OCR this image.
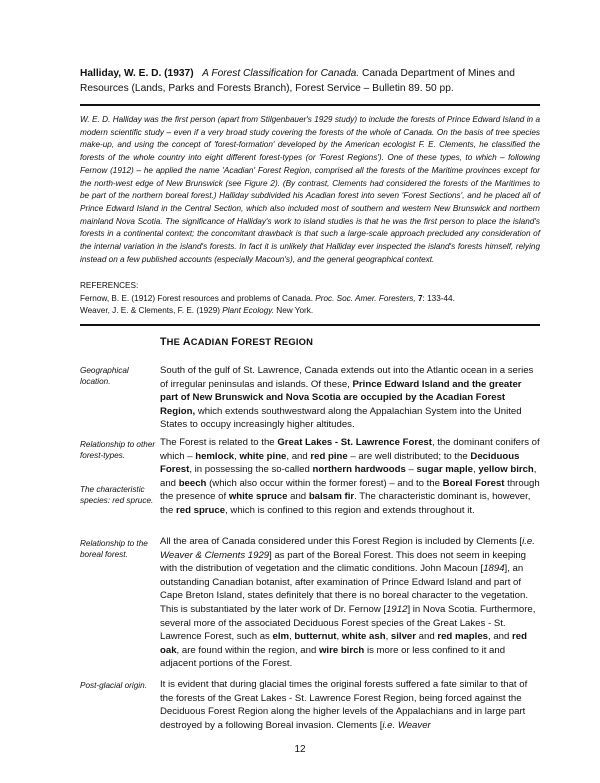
Halliday, W. E. D. (1937) A Forest Classification for Canada. Canada Department of Mines and Resources (Lands, Parks and Forests Branch), Forest Service – Bulletin 89. 50 pp.
W. E. D. Halliday was the first person (apart from Stilgenbauer's 1929 study) to include the forests of Prince Edward Island in a modern scientific study – even if a very broad study covering the forests of the whole of Canada. On the basis of tree species make-up, and using the concept of 'forest-formation' developed by the American ecologist F. E. Clements, he classified the forests of the whole country into eight different forest-types (or 'Forest Regions'). One of these types, to which – following Fernow (1912) – he applied the name 'Acadian' Forest Region, comprised all the forests of the Maritime provinces except for the north-west edge of New Brunswick (see Figure 2). (By contrast, Clements had considered the forests of the Maritimes to be part of the northern boreal forest.) Halliday subdivided his Acadian forest into seven 'Forest Sections', and he placed all of Prince Edward Island in the Central Section, which also included most of southern and western New Brunswick and northern mainland Nova Scotia. The significance of Halliday's work to island studies is that he was the first person to place the island's forests in a continental context; the concomitant drawback is that such a large-scale approach precluded any consideration of the internal variation in the island's forests. In fact it is unlikely that Halliday ever inspected the island's forests himself, relying instead on a few published accounts (especially Macoun's), and the general geographical context.
REFERENCES:
Fernow, B. E. (1912) Forest resources and problems of Canada. Proc. Soc. Amer. Foresters, 7: 133-44.
Weaver, J. E. & Clements, F. E. (1929) Plant Ecology. New York.
THE ACADIAN FOREST REGION
Geographical location.
Relationship to other forest-types.
The characteristic species: red spruce.
Relationship to the boreal forest.
Post-glacial origin.
South of the gulf of St. Lawrence, Canada extends out into the Atlantic ocean in a series of irregular peninsulas and islands. Of these, Prince Edward Island and the greater part of New Brunswick and Nova Scotia are occupied by the Acadian Forest Region, which extends southwestward along the Appalachian System into the United States to occupy increasingly higher altitudes.
The Forest is related to the Great Lakes - St. Lawrence Forest, the dominant conifers of which – hemlock, white pine, and red pine – are well distributed; to the Deciduous Forest, in possessing the so-called northern hardwoods – sugar maple, yellow birch, and beech (which also occur within the former forest) – and to the Boreal Forest through the presence of white spruce and balsam fir. The characteristic dominant is, however, the red spruce, which is confined to this region and extends throughout it.
All the area of Canada considered under this Forest Region is included by Clements [i.e. Weaver & Clements 1929] as part of the Boreal Forest. This does not seem in keeping with the distribution of vegetation and the climatic conditions. John Macoun [1894], an outstanding Canadian botanist, after examination of Prince Edward Island and part of Cape Breton Island, states definitely that there is no boreal character to the vegetation. This is substantiated by the later work of Dr. Fernow [1912] in Nova Scotia. Furthermore, several more of the associated Deciduous Forest species of the Great Lakes - St. Lawrence Forest, such as elm, butternut, white ash, silver and red maples, and red oak, are found within the region, and wire birch is more or less confined to it and adjacent portions of the Forest.
It is evident that during glacial times the original forests suffered a fate similar to that of the forests of the Great Lakes - St. Lawrence Forest Region, being forced against the Deciduous Forest Region along the higher levels of the Appalachians and in large part destroyed by a following Boreal invasion. Clements [i.e. Weaver
12
